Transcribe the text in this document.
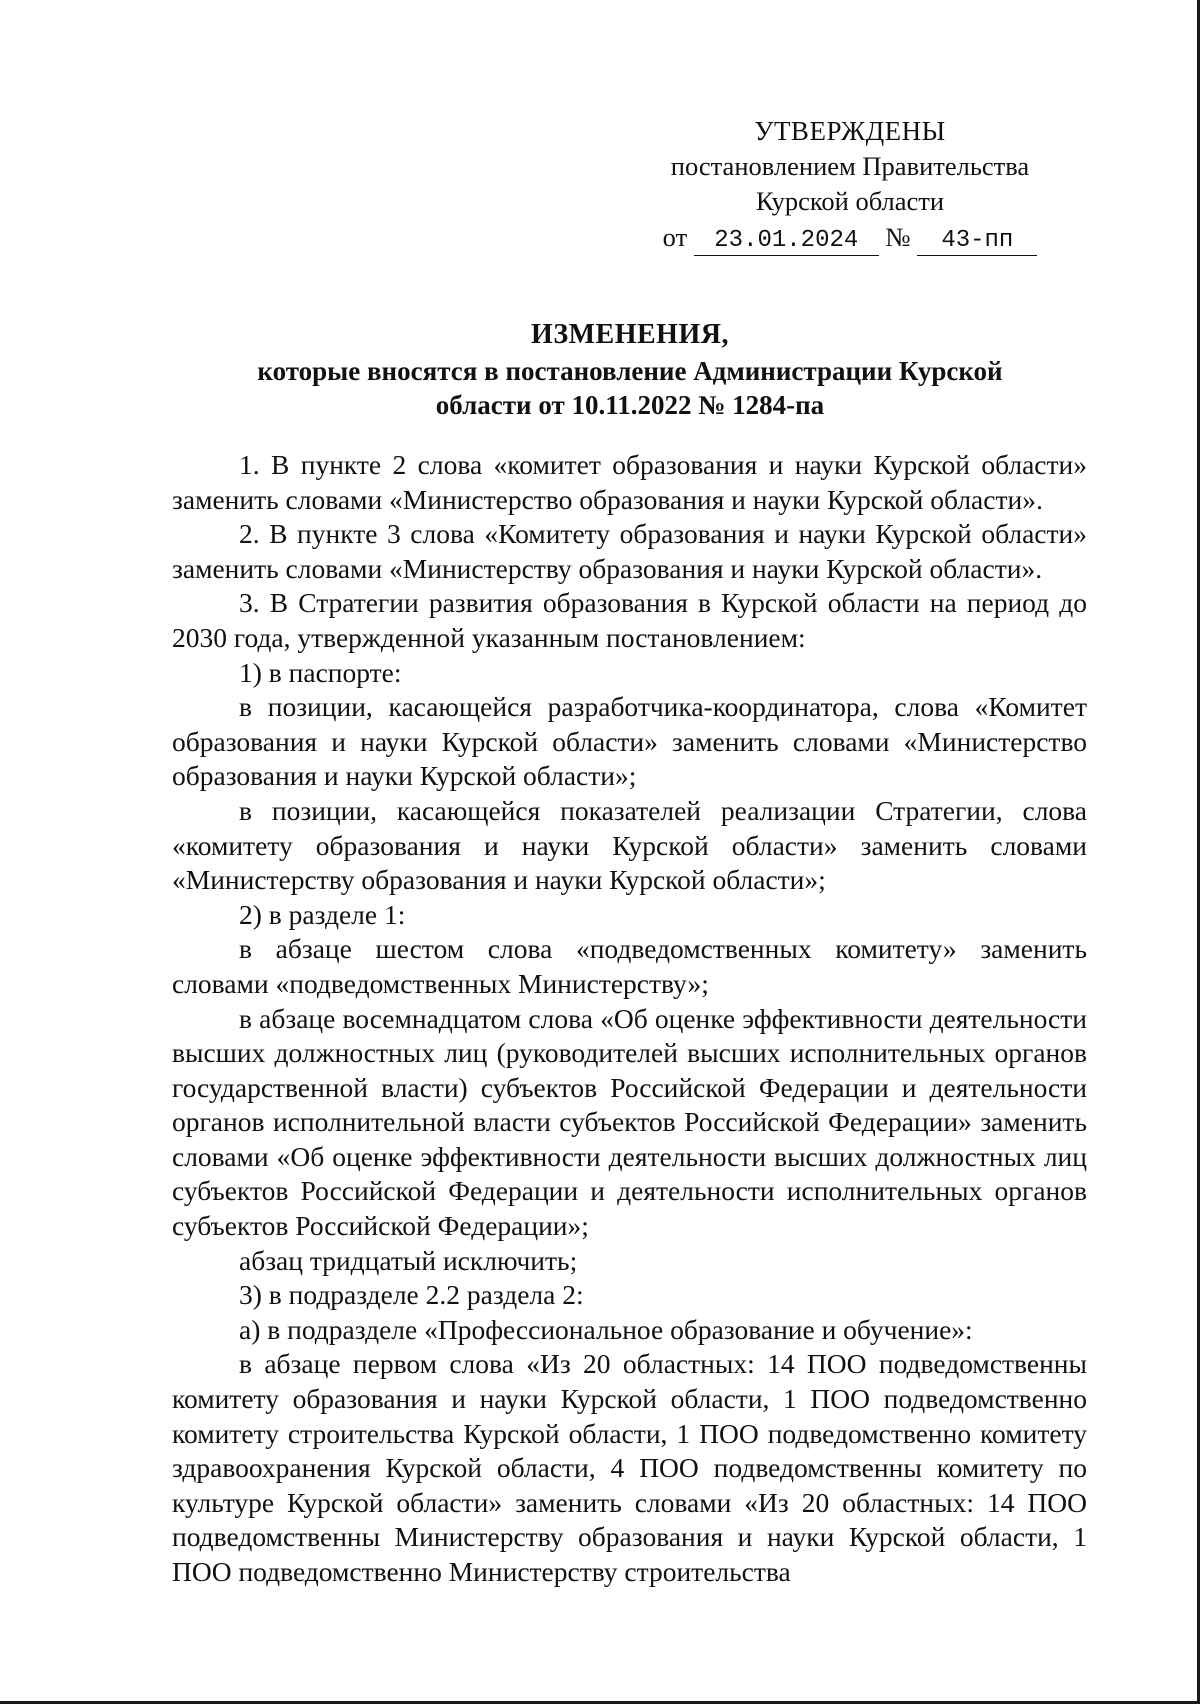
УТВЕРЖДЕНЫ
постановлением Правительства
Курской области
от 23.01.2024 № 43-пп
ИЗМЕНЕНИЯ,
которые вносятся в постановление Администрации Курской
области от 10.11.2022 № 1284-па

1. В пункте 2 слова «комитет образования и науки Курской области» заменить словами «Министерство образования и науки Курской области».

2. В пункте 3 слова «Комитету образования и науки Курской области» заменить словами «Министерству образования и науки Курской области».

3. В Стратегии развития образования в Курской области на период до 2030 года, утвержденной указанным постановлением:

1) в паспорте:

в позиции, касающейся разработчика-координатора, слова «Комитет образования и науки Курской области» заменить словами «Министерство образования и науки Курской области»;

в позиции, касающейся показателей реализации Стратегии, слова «комитету образования и науки Курской области» заменить словами «Министерству образования и науки Курской области»;

2) в разделе 1:

в абзаце шестом слова «подведомственных комитету» заменить словами «подведомственных Министерству»;

в абзаце восемнадцатом слова «Об оценке эффективности деятельности высших должностных лиц (руководителей высших исполнительных органов государственной власти) субъектов Российской Федерации и деятельности органов исполнительной власти субъектов Российской Федерации» заменить словами «Об оценке эффективности деятельности высших должностных лиц субъектов Российской Федерации и деятельности исполнительных органов субъектов Российской Федерации»;

абзац тридцатый исключить;

3) в подразделе 2.2 раздела 2:

а) в подразделе «Профессиональное образование и обучение»:

в абзаце первом слова «Из 20 областных: 14 ПОО подведомственны комитету образования и науки Курской области, 1 ПОО подведомственно комитету строительства Курской области, 1 ПОО подведомственно комитету здравоохранения Курской области, 4 ПОО подведомственны комитету по культуре Курской области» заменить словами «Из 20 областных: 14 ПОО подведомственны Министерству образования и науки Курской области, 1 ПОО подведомственно Министерству строительства
